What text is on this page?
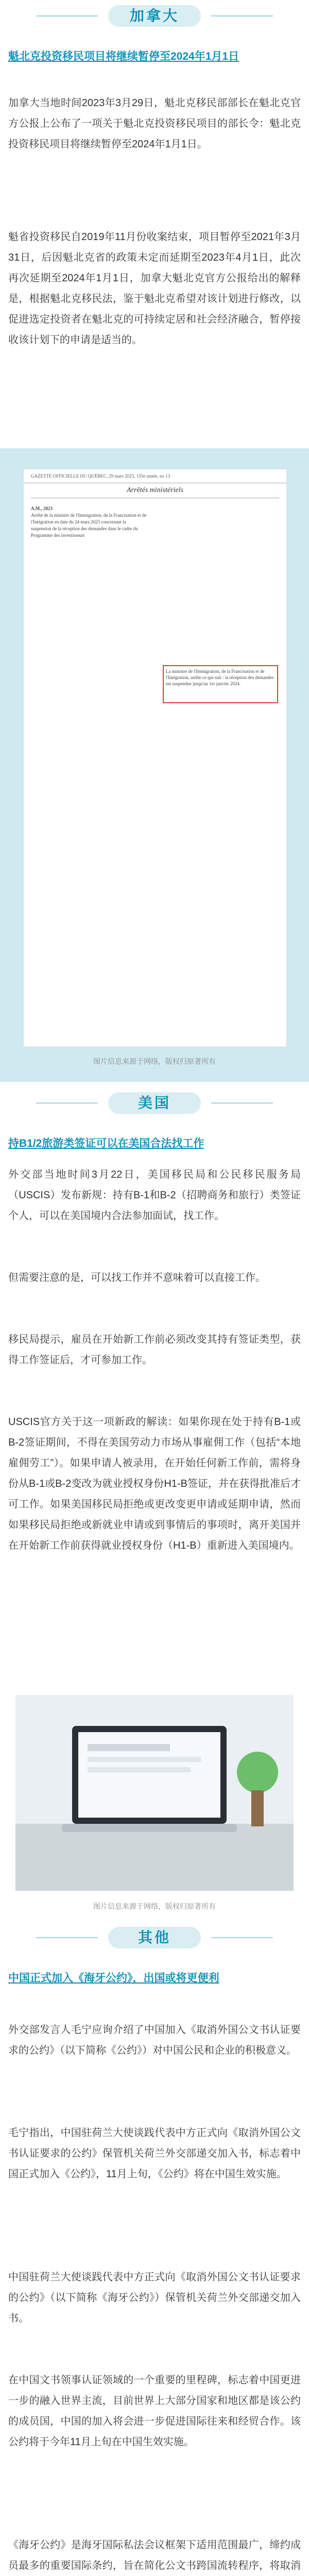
加拿大
魁北克投资移民项目将继续暂停至2024年1月1日
加拿大当地时间2023年3月29日，魁北克移民部部长在魁北克官方公报上公布了一项关于魁北克投资移民项目的部长令：魁北克投资移民项目将继续暂停至2024年1月1日。
魁省投资移民自2019年11月份收案结束，项目暂停至2021年3月31日，后因魁北克省的政策未定而延期至2023年4月1日，此次再次延期至2024年1月1日，加拿大魁北克官方公报给出的解释是，根据魁北克移民法，鉴于魁北克希望对该计划进行修改，以促进选定投资者在魁北克的可持续定居和社会经济融合，暂停接收该计划下的申请是适当的。
GAZETTE OFFICIELLE DU QUÉBEC, 29 mars 2023, 155e année, no 13
Arrêtés ministériels
A.M., 2023
Arrêté de la ministre de l'Immigration, de la Francisation et de l'Intégration en date du 24 mars 2023 concernant la suspension de la réception des demandes dans le cadre du Programme des investisseurs
La ministre de l'Immigration, de la Francisation et de l'Intégration, arrête ce qui suit : la réception des demandes est suspendue jusqu'au 1er janvier 2024.
图片信息来源于网络，版权归原著所有
美国
持B1/2旅游类签证可以在美国合法找工作
外交部当地时间3月22日，美国移民局和公民移民服务局（USCIS）发布新规：持有B-1和B-2（招聘商务和旅行）类签证个人，可以在美国境内合法参加面试，找工作。
但需要注意的是，可以找工作并不意味着可以直接工作。
移民局提示，雇员在开始新工作前必须改变其持有签证类型，获得工作签证后，才可参加工作。
USCIS官方关于这一项新政的解读：如果你现在处于持有B-1或B-2签证期间，不得在美国劳动力市场从事雇佣工作（包括“本地雇佣劳工”）。如果申请人被录用，在开始任何新工作前，需将身份从B-1或B-2变改为就业授权身份H1-B签证，并在获得批准后才可工作。如果美国移民局拒绝或更改变更申请或延期申请，然而如果移民局拒绝或新就业申请或到事情后的事项时，离开美国并在开始新工作前获得就业授权身份（H1-B）重新进入美国境内。
图片信息来源于网络，版权归原著所有
其他
中国正式加入《海牙公约》，出国或将更便利
外交部发言人毛宁应询介绍了中国加入《取消外国公文书认证要求的公约》（以下简称《公约》）对中国公民和企业的积极意义。
毛宁指出，中国驻荷兰大使谈践代表中方正式向《取消外国公文书认证要求的公约》保管机关荷兰外交部递交加入书，标志着中国正式加入《公约》，11月上旬，《公约》将在中国生效实施。
中国驻荷兰大使谈践代表中方正式向《取消外国公文书认证要求的公约》（以下简称《海牙公约》）保管机关荷兰外交部递交加入书。
在中国文书领事认证领域的一个重要的里程碑，标志着中国更进一步的融入世界主流，目前世界上大部分国家和地区都是该公约的成员国，中国的加入将会进一步促进国际往来和经贸合作。该公约将于今年11月上旬在中国生效实施。
《海牙公约》是海牙国际私法会议框架下适用范围最广，缔约成员最多的重要国际条约，旨在简化公文书跨国流转程序，将取消
